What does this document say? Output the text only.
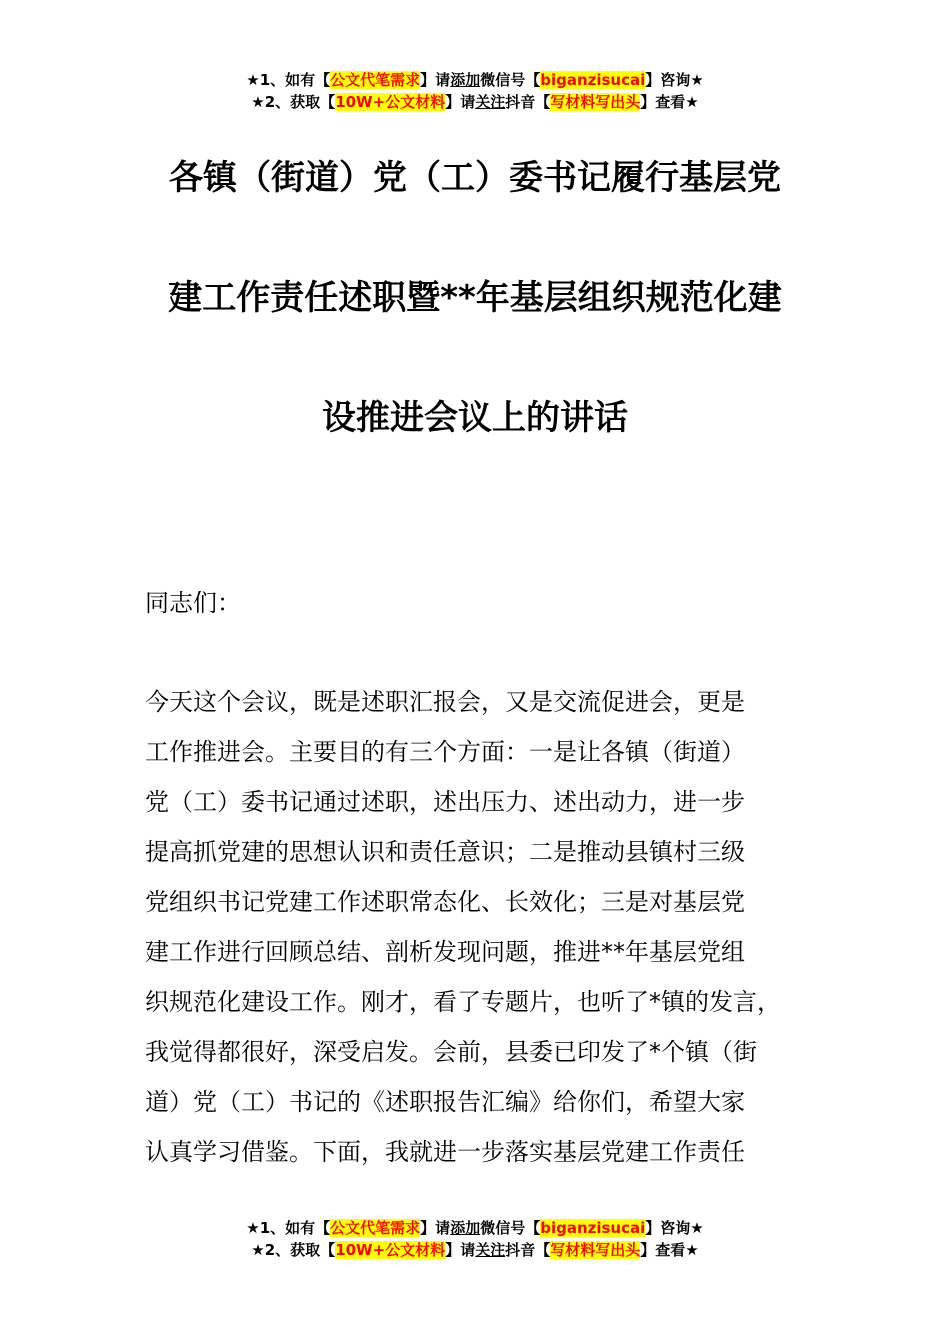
★1、如有【公文代笔需求】请添加微信号【biganzisucai】咨询★
★2、获取【10W+公文材料】请关注抖音【写材料写出头】查看★
各镇（街道）党（工）委书记履行基层党
建工作责任述职暨**年基层组织规范化建
设推进会议上的讲话
同志们：
今天这个会议，既是述职汇报会，又是交流促进会，更是
工作推进会。主要目的有三个方面：一是让各镇（街道）
党（工）委书记通过述职，述出压力、述出动力，进一步
提高抓党建的思想认识和责任意识；二是推动县镇村三级
党组织书记党建工作述职常态化、长效化；三是对基层党
建工作进行回顾总结、剖析发现问题，推进**年基层党组
织规范化建设工作。刚才，看了专题片，也听了*镇的发言，
我觉得都很好，深受启发。会前，县委已印发了*个镇（街
道）党（工）书记的《述职报告汇编》给你们，希望大家
认真学习借鉴。下面，我就进一步落实基层党建工作责任
★1、如有【公文代笔需求】请添加微信号【biganzisucai】咨询★
★2、获取【10W+公文材料】请关注抖音【写材料写出头】查看★
